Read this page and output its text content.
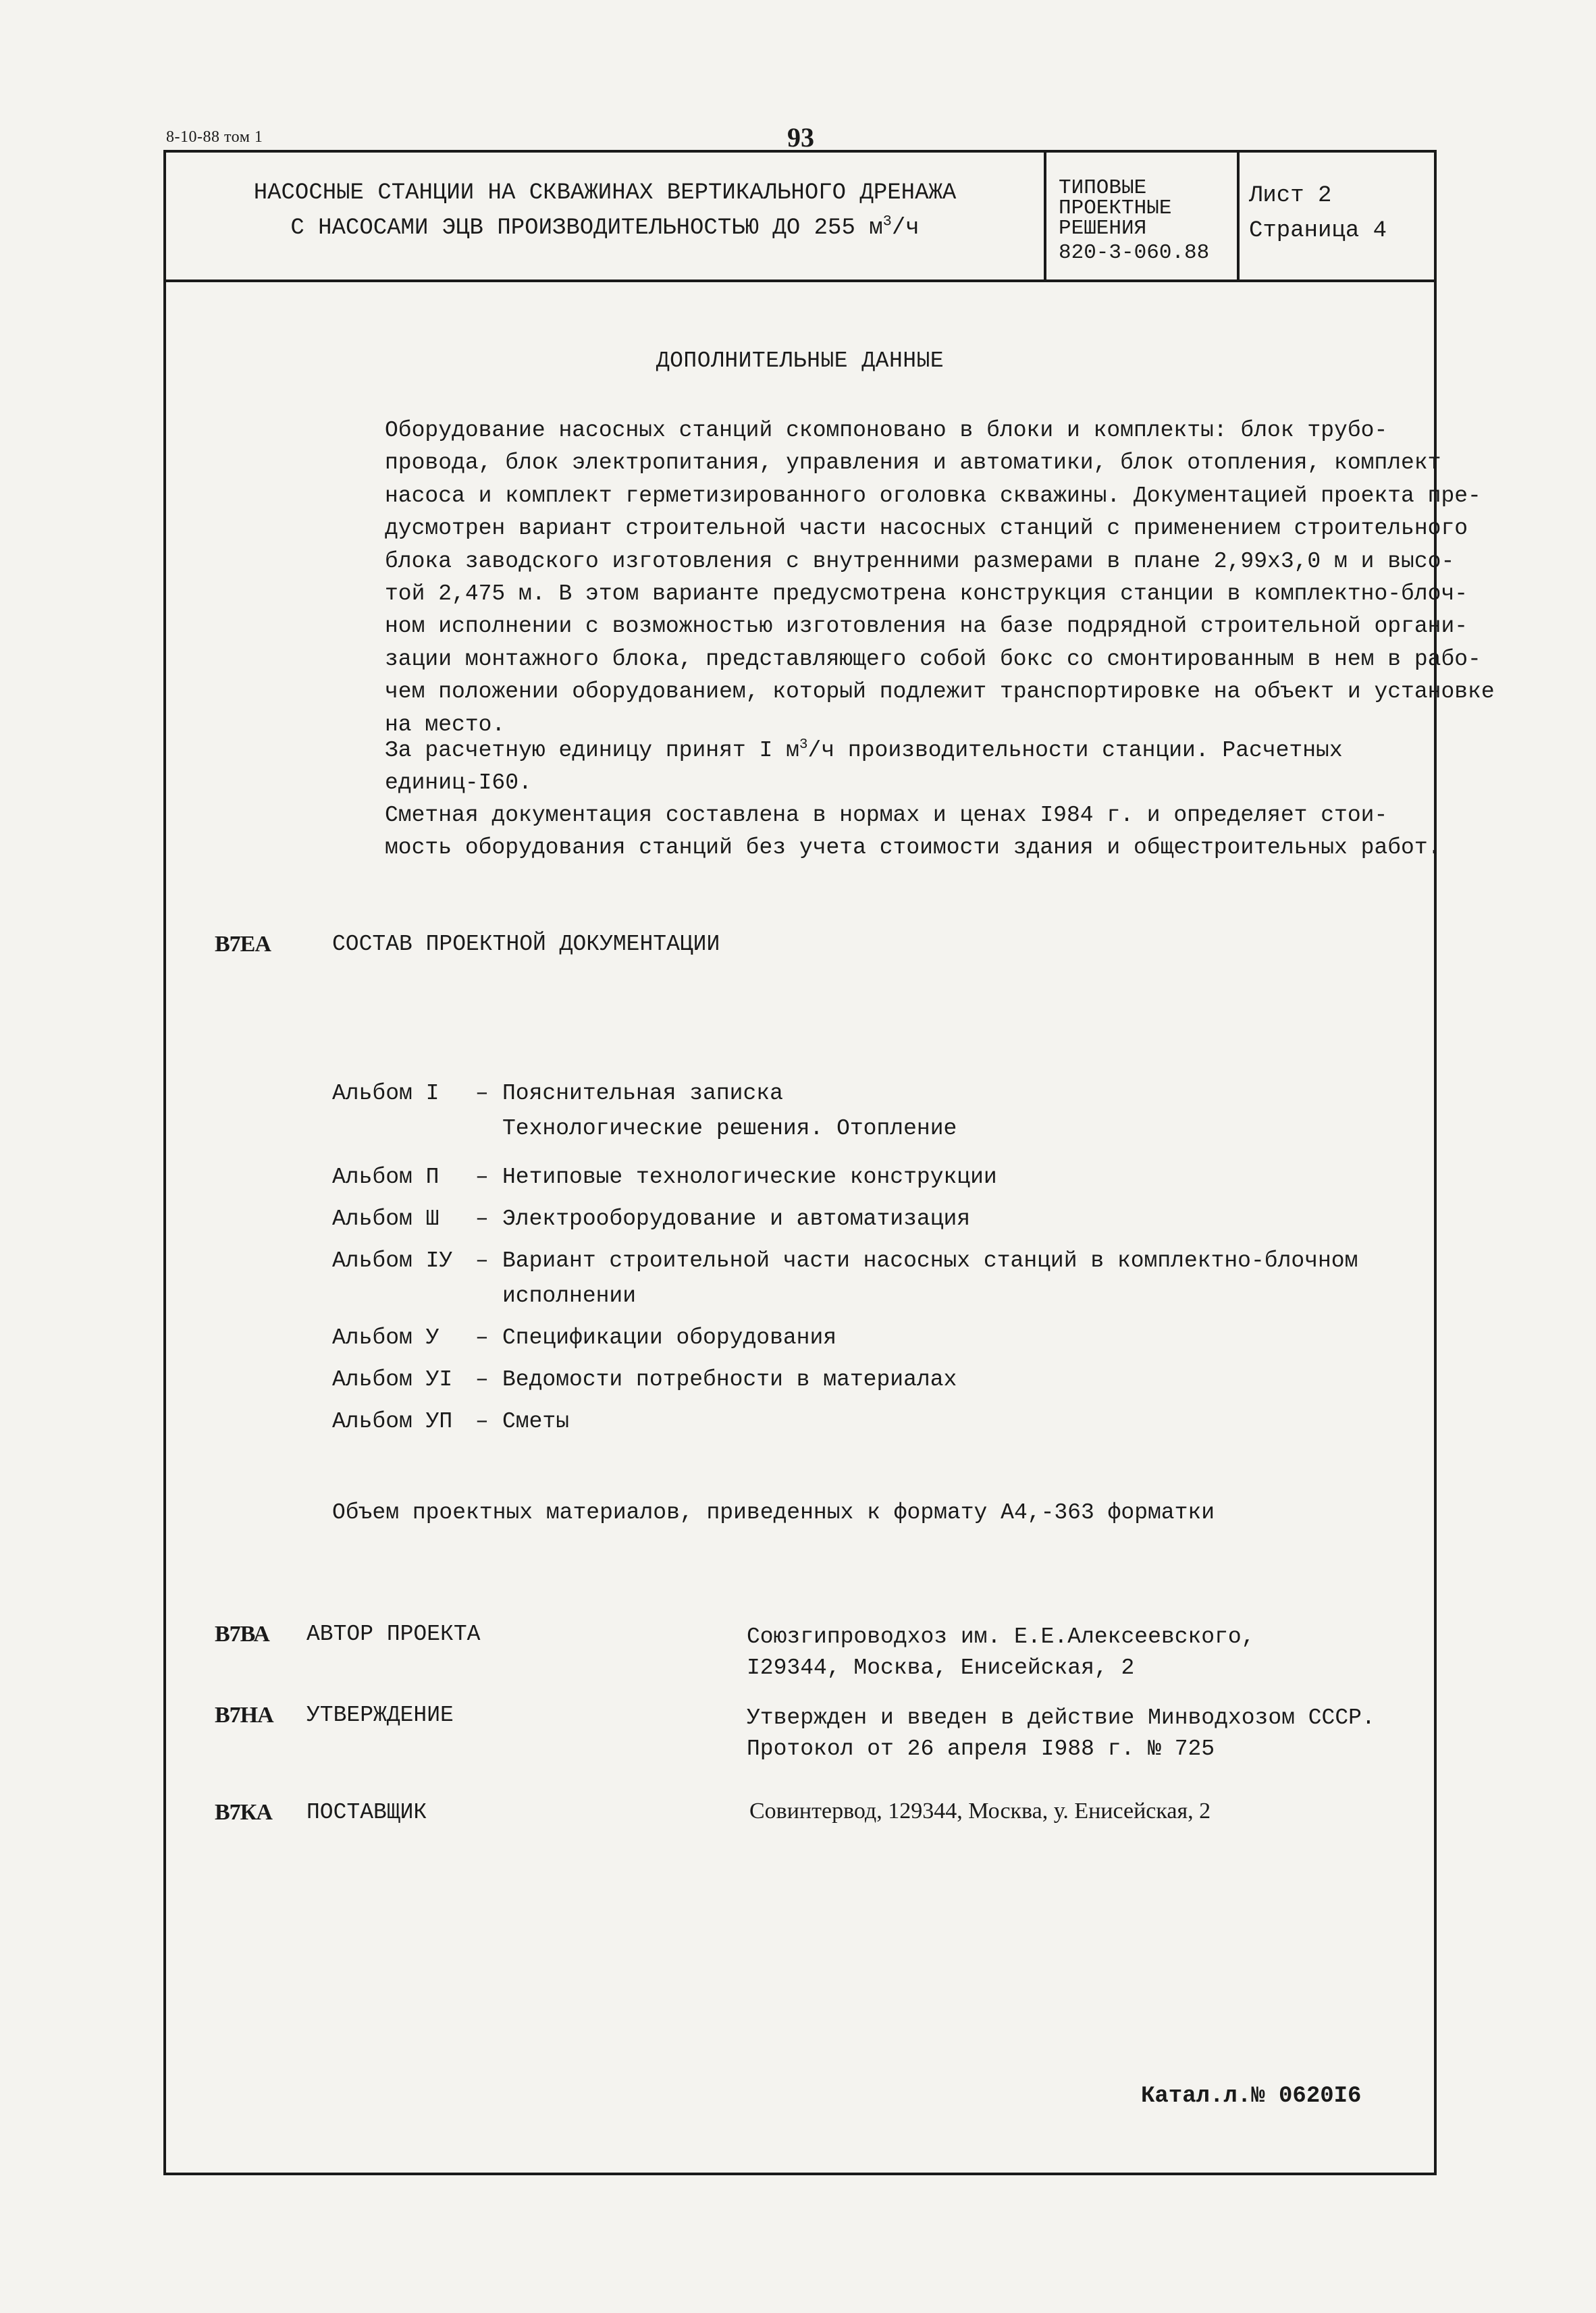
8-10-88 том 1	93
НАСОСНЫЕ СТАНЦИИ НА СКВАЖИНАХ ВЕРТИКАЛЬНОГО ДРЕНАЖА
С НАСОСАМИ ЭЦВ ПРОИЗВОДИТЕЛЬНОСТЬЮ ДО 255 $м^3/ч$
ТИПОВЫЕ
ПРОЕКТНЫЕ
РЕШЕНИЯ
820-3-060.88
Лист 2
Страница 4
ДОПОЛНИТЕЛЬНЫЕ ДАННЫЕ
Оборудование насосных станций скомпоновано в блоки и комплекты: блок трубо-
провода, блок электропитания, управления и автоматики, блок отопления, комплект
насоса и комплект герметизированного оголовка скважины. Документацией проекта пре-
дусмотрен вариант строительной части насосных станций с применением строительного
блока заводского изготовления с внутренними размерами в плане 2,99х3,0 м и высо-
той 2,475 м. В этом варианте предусмотрена конструкция станции в комплектно-блоч-
ном исполнении с возможностью изготовления на базе подрядной строительной органи-
зации монтажного блока, представляющего собой бокс со смонтированным в нем в рабо-
чем положении оборудованием, который подлежит транспортировке на объект и установке
на место.
За расчетную единицу принят I $м^3/ч$ производительности станции. Расчетных
единиц-I60.
Сметная документация составлена в нормах и ценах I984 г. и определяет стои-
мость оборудования станций без учета стоимости здания и общестроительных работ.
В7ЕА	СОСТАВ ПРОЕКТНОЙ ДОКУМЕНТАЦИИ
Альбом I – Пояснительная записка
Технологические решения. Отопление
Альбом П – Нетиповые технологические конструкции
Альбом Ш – Электрооборудование и автоматизация
Альбом IУ – Вариант строительной части насосных станций в комплектно-блочном
исполнении
Альбом У – Спецификации оборудования
Альбом УI – Ведомости потребности в материалах
Альбом УП – Сметы
Объем проектных материалов, приведенных к формату А4,-363 форматки
В7ВА АВТОР ПРОЕКТА	Союзгипроводхоз им. Е.Е.Алексеевского,
I29344, Москва, Енисейская, 2
В7НА УТВЕРЖДЕНИЕ	Утвержден и введен в действие Минводхозом СССР.
Протокол от 26 апреля I988 г. № 725
В7КА ПОСТАВЩИК	Совинтервод, 129344, Москва, у. Енисейская, 2
Катал.л.№ 0620I6
